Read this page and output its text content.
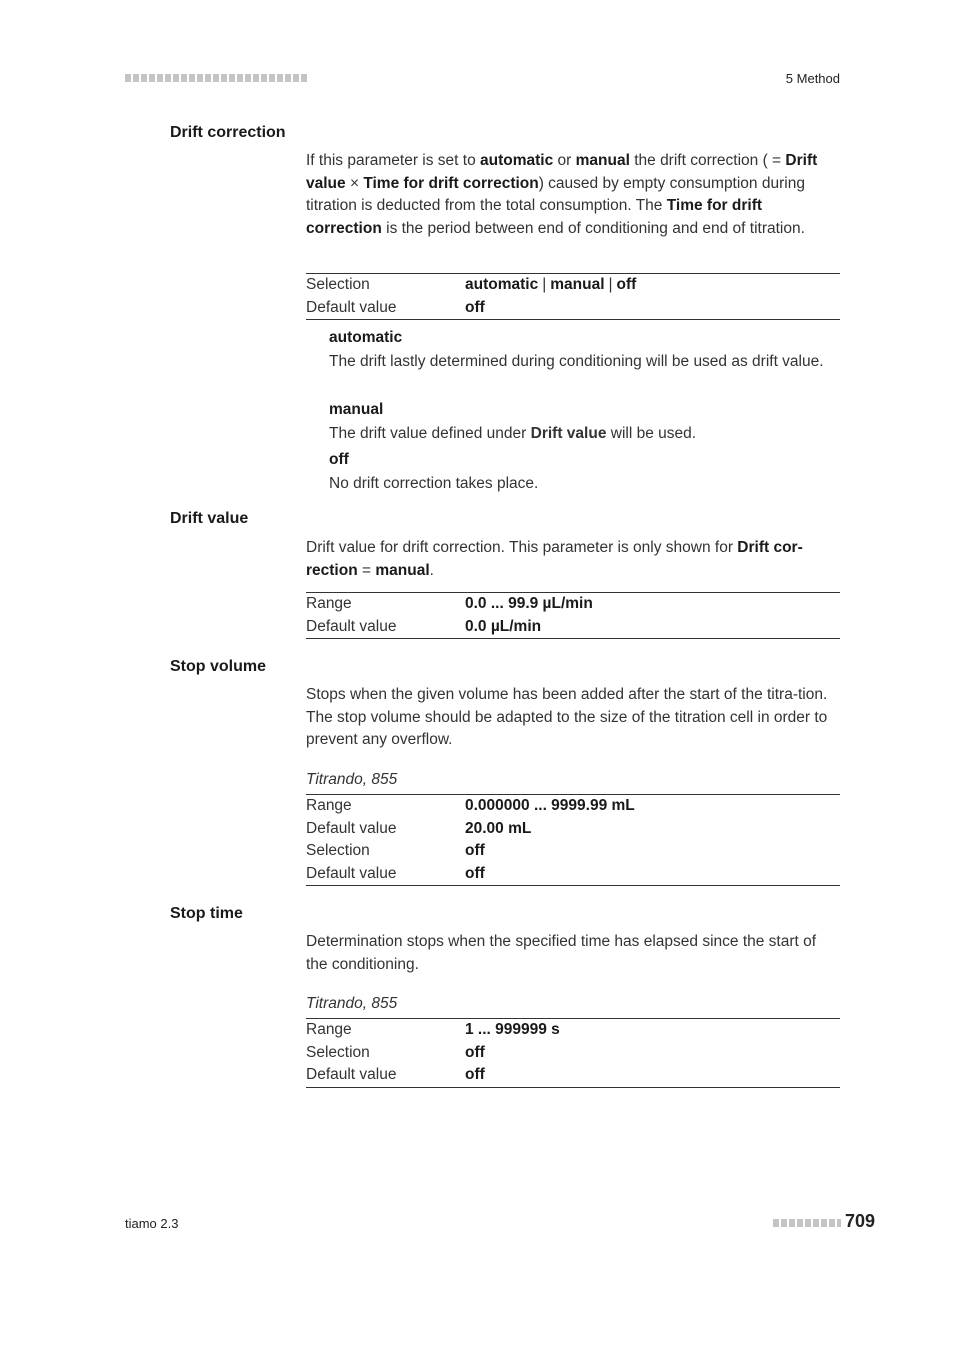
5 Method
Drift correction
If this parameter is set to automatic or manual the drift correction ( = Drift value × Time for drift correction) caused by empty consumption during titration is deducted from the total consumption. The Time for drift correction is the period between end of conditioning and end of titration.
Selection	automatic | manual | off
Default value	off
automatic
The drift lastly determined during conditioning will be used as drift value.
manual
The drift value defined under Drift value will be used.
off
No drift correction takes place.
Drift value
Drift value for drift correction. This parameter is only shown for Drift cor-rection = manual.
Range	0.0 ... 99.9 µL/min
Default value	0.0 µL/min
Stop volume
Stops when the given volume has been added after the start of the titra-tion. The stop volume should be adapted to the size of the titration cell in order to prevent any overflow.
Titrando, 855
Range	0.000000 ... 9999.99 mL
Default value	20.00 mL
Selection	off
Default value	off
Stop time
Determination stops when the specified time has elapsed since the start of the conditioning.
Titrando, 855
Range	1 ... 999999 s
Selection	off
Default value	off
tiamo 2.3	709
